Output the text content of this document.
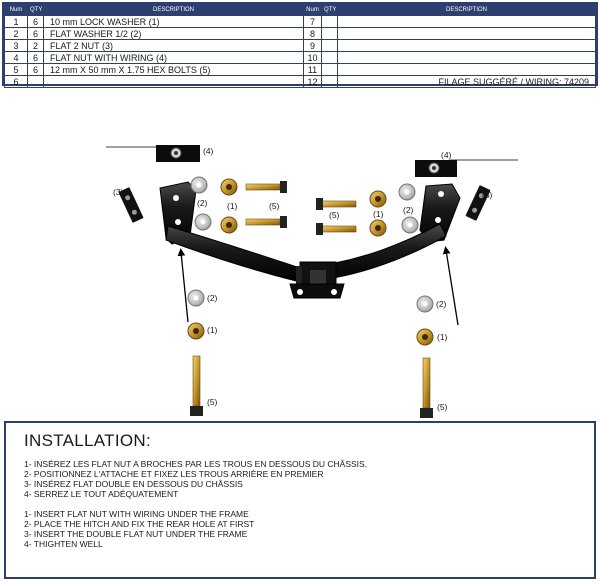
Num	QTY	DESCRIPTION	Num	QTY	DESCRIPTION
1	6	10 mm LOCK WASHER (1)	7		
2	6	FLAT WASHER 1/2 (2)	8		
3	2	FLAT 2 NUT (3)	9		
4	6	FLAT NUT WITH WIRING (4)	10		
5	6	12 mm X 50 mm X 1.75 HEX BOLTS (5)	11		
6			12		FILAGE SUGGÉRÉ / WIRING: 74209
(4)	(4)
(3)	(3)
(2) (1)	(5)
(5)	(1) (2)
(2)
(1)
(5)
(2)
(1)
(5)
INSTALLATION:
1- INSÉREZ LES FLAT NUT A BROCHES PAR LES TROUS EN DESSOUS DU CHÂSSIS.
2- POSITIONNEZ L'ATTACHE ET FIXEZ LES TROUS ARRIÈRE EN PREMIER
3- INSÉREZ FLAT DOUBLE EN DESSOUS DU CHÂSSIS
4- SERREZ LE TOUT ADÉQUATEMENT
1- INSERT FLAT NUT WITH WIRING UNDER THE FRAME
2- PLACE THE HITCH AND FIX THE REAR HOLE AT FIRST
3- INSERT THE DOUBLE FLAT NUT UNDER THE FRAME
4- THIGHTEN WELL
